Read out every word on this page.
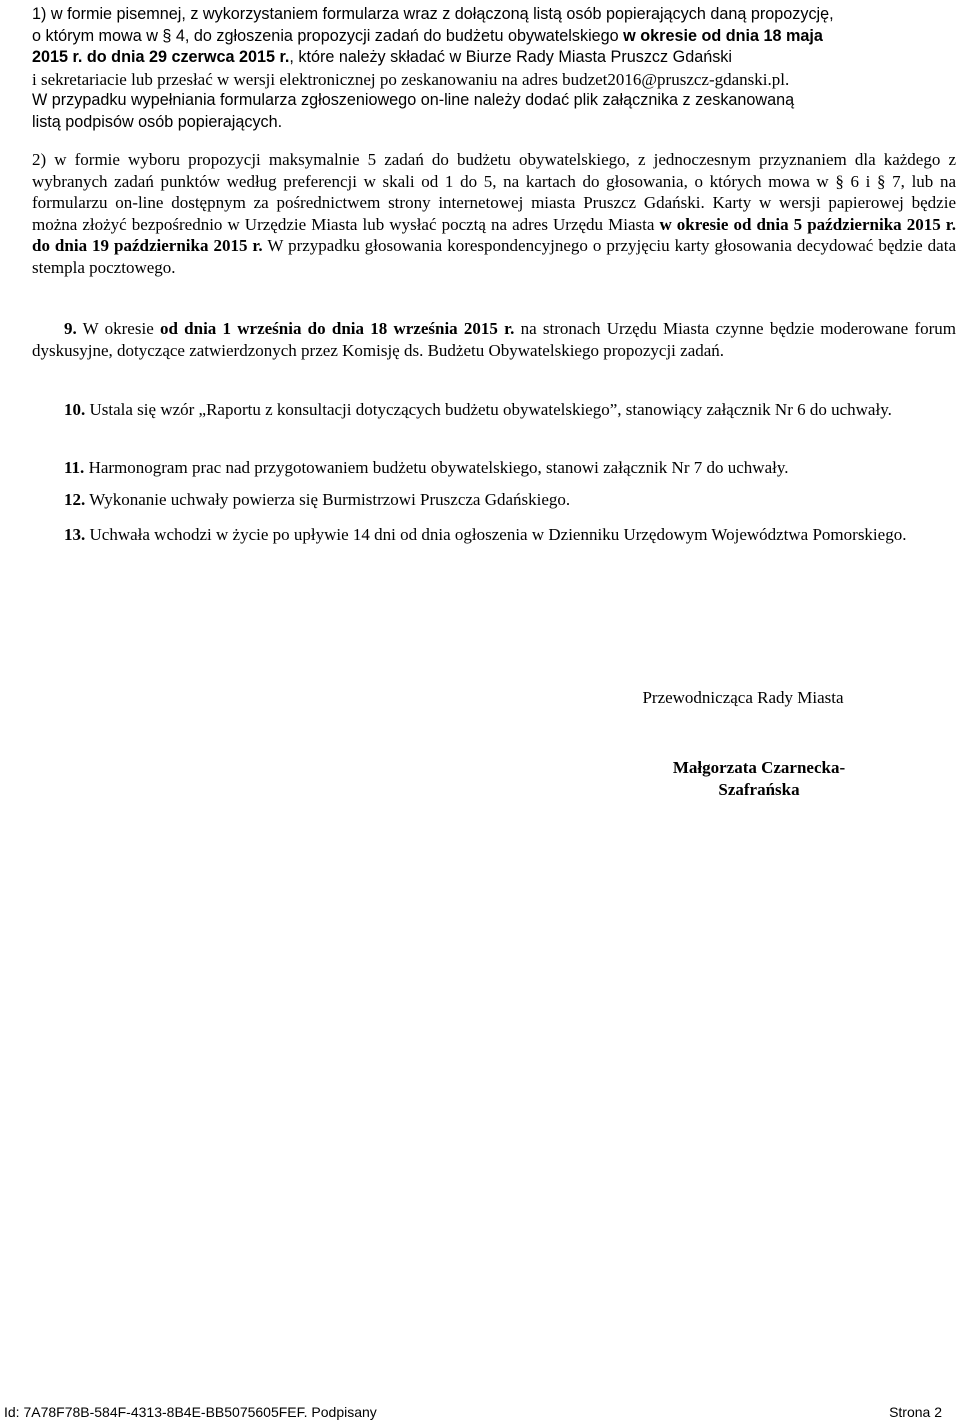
1) w formie pisemnej, z wykorzystaniem formularza wraz z dołączoną listą osób popierających daną propozycję,

o którym mowa w § 4, do zgłoszenia propozycji zadań do budżetu obywatelskiego w okresie od dnia 18 maja

2015 r. do dnia 29 czerwca 2015 r., które należy składać w Biurze Rady Miasta Pruszcz Gdański

i sekretariacie lub przesłać w wersji elektronicznej po zeskanowaniu na adres budzet2016@pruszcz-gdanski.pl.

W przypadku wypełniania formularza zgłoszeniowego on-line należy dodać plik załącznika z zeskanowaną

listą podpisów osób popierających.

2) w formie wyboru propozycji maksymalnie 5 zadań do budżetu obywatelskiego, z jednoczesnym przyznaniem dla każdego z wybranych zadań punktów według preferencji w skali od 1 do 5, na kartach do głosowania, o których mowa w § 6 i § 7, lub na formularzu on-line dostępnym za pośrednictwem strony internetowej miasta Pruszcz Gdański. Karty w wersji papierowej będzie można złożyć bezpośrednio w Urzędzie Miasta lub wysłać pocztą na adres Urzędu Miasta w okresie od dnia 5 października 2015 r. do dnia 19 października 2015 r. W przypadku głosowania korespondencyjnego o przyjęciu karty głosowania decydować będzie data stempla pocztowego.

9. W okresie od dnia 1 września do dnia 18 września 2015 r. na stronach Urzędu Miasta czynne będzie moderowane forum dyskusyjne, dotyczące zatwierdzonych przez Komisję ds. Budżetu Obywatelskiego propozycji zadań.

10. Ustala się wzór „Raportu z konsultacji dotyczących budżetu obywatelskiego”, stanowiący załącznik Nr 6 do uchwały.

11. Harmonogram prac nad przygotowaniem budżetu obywatelskiego, stanowi załącznik Nr 7 do uchwały.

12. Wykonanie uchwały powierza się Burmistrzowi Pruszcza Gdańskiego.

13. Uchwała wchodzi w życie po upływie 14 dni od dnia ogłoszenia w Dzienniku Urzędowym Województwa Pomorskiego.

Przewodnicząca Rady Miasta
Małgorzata Czarnecka-
Szafrańska
Id: 7A78F78B-584F-4313-8B4E-BB5075605FEF. Podpisany	Strona 2
